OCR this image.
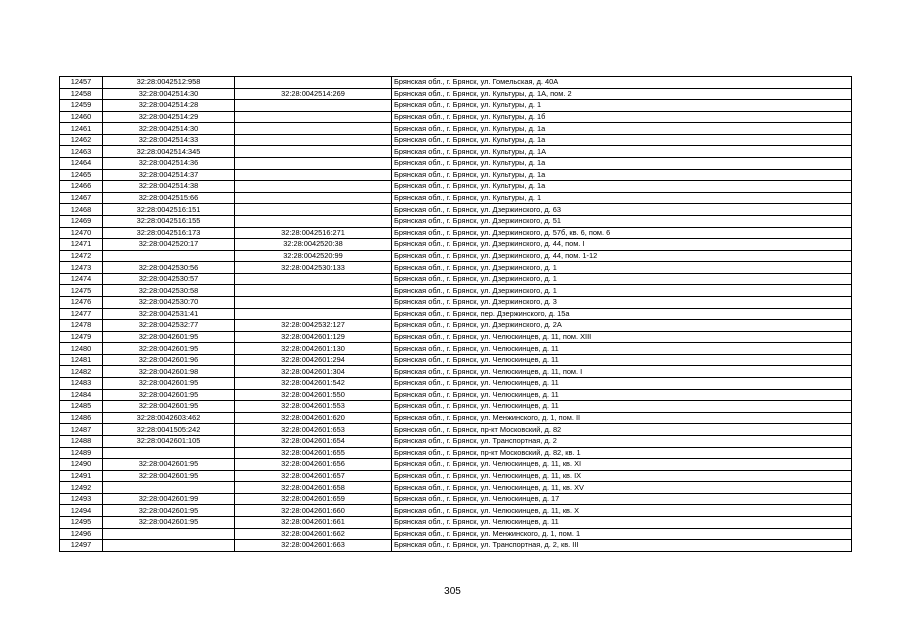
12457	32:28:0042512:958		Брянская обл., г. Брянск, ул. Гомельская, д. 40А
12458	32:28:0042514:30	32:28:0042514:269	Брянская обл., г. Брянск, ул. Культуры, д. 1А, пом. 2
12459	32:28:0042514:28		Брянская обл., г. Брянск, ул. Культуры, д. 1
12460	32:28:0042514:29		Брянская обл., г. Брянск, ул. Культуры, д. 1б
12461	32:28:0042514:30		Брянская обл., г. Брянск, ул. Культуры, д. 1а
12462	32:28:0042514:33		Брянская обл., г. Брянск, ул. Культуры, д. 1а
12463	32:28:0042514:345		Брянская обл., г. Брянск, ул. Культуры, д. 1А
12464	32:28:0042514:36		Брянская обл., г. Брянск, ул. Культуры, д. 1а
12465	32:28:0042514:37		Брянская обл., г. Брянск, ул. Культуры, д. 1а
12466	32:28:0042514:38		Брянская обл., г. Брянск, ул. Культуры, д. 1а
12467	32:28:0042515:66		Брянская обл., г. Брянск, ул. Культуры, д. 1
12468	32:28:0042516:151		Брянская обл., г. Брянск, ул. Дзержинского, д. 63
12469	32:28:0042516:155		Брянская обл., г. Брянск, ул. Дзержинского, д. 51
12470	32:28:0042516:173	32:28:0042516:271	Брянская обл., г. Брянск, ул. Дзержинского, д. 57б, кв. 6, пом. 6
12471	32:28:0042520:17	32:28:0042520:38	Брянская обл., г. Брянск, ул. Дзержинского, д. 44, пом. I
12472		32:28:0042520:99	Брянская обл., г. Брянск, ул. Дзержинского, д. 44, пом. 1-12
12473	32:28:0042530:56	32:28:0042530:133	Брянская обл., г. Брянск, ул. Дзержинского, д. 1
12474	32:28:0042530:57		Брянская обл., г. Брянск, ул. Дзержинского, д. 1
12475	32:28:0042530:58		Брянская обл., г. Брянск, ул. Дзержинского, д. 1
12476	32:28:0042530:70		Брянская обл., г. Брянск, ул. Дзержинского, д. 3
12477	32:28:0042531:41		Брянская обл., г. Брянск, пер. Дзержинского, д. 15а
12478	32:28:0042532:77	32:28:0042532:127	Брянская обл., г. Брянск, ул. Дзержинского, д. 2А
12479	32:28:0042601:95	32:28:0042601:129	Брянская обл., г. Брянск, ул. Челюскинцев, д. 11, пом. XIII
12480	32:28:0042601:95	32:28:0042601:130	Брянская обл., г. Брянск, ул. Челюскинцев, д. 11
12481	32:28:0042601:96	32:28:0042601:294	Брянская обл., г. Брянск, ул. Челюскинцев, д. 11
12482	32:28:0042601:98	32:28:0042601:304	Брянская обл., г. Брянск, ул. Челюскинцев, д. 11, пом. I
12483	32:28:0042601:95	32:28:0042601:542	Брянская обл., г. Брянск, ул. Челюскинцев, д. 11
12484	32:28:0042601:95	32:28:0042601:550	Брянская обл., г. Брянск, ул. Челюскинцев, д. 11
12485	32:28:0042601:95	32:28:0042601:553	Брянская обл., г. Брянск, ул. Челюскинцев, д. 11
12486	32:28:0042603:462	32:28:0042601:620	Брянская обл., г. Брянск, ул. Менжинского, д. 1, пом. II
12487	32:28:0041505:242	32:28:0042601:653	Брянская обл., г. Брянск, пр-кт Московский, д. 82
12488	32:28:0042601:105	32:28:0042601:654	Брянская обл., г. Брянск, ул. Транспортная, д. 2
12489		32:28:0042601:655	Брянская обл., г. Брянск, пр-кт Московский, д. 82, кв. 1
12490	32:28:0042601:95	32:28:0042601:656	Брянская обл., г. Брянск, ул. Челюскинцев, д. 11, кв. XI
12491	32:28:0042601:95	32:28:0042601:657	Брянская обл., г. Брянск, ул. Челюскинцев, д. 11, кв. IX
12492		32:28:0042601:658	Брянская обл., г. Брянск, ул. Челюскинцев, д. 11, кв. XV
12493	32:28:0042601:99	32:28:0042601:659	Брянская обл., г. Брянск, ул. Челюскинцев, д. 17
12494	32:28:0042601:95	32:28:0042601:660	Брянская обл., г. Брянск, ул. Челюскинцев, д. 11, кв. X
12495	32:28:0042601:95	32:28:0042601:661	Брянская обл., г. Брянск, ул. Челюскинцев, д. 11
12496		32:28:0042601:662	Брянская обл., г. Брянск, ул. Менжинского, д. 1, пом. 1
12497		32:28:0042601:663	Брянская обл., г. Брянск, ул. Транспортная, д. 2, кв. III
305
